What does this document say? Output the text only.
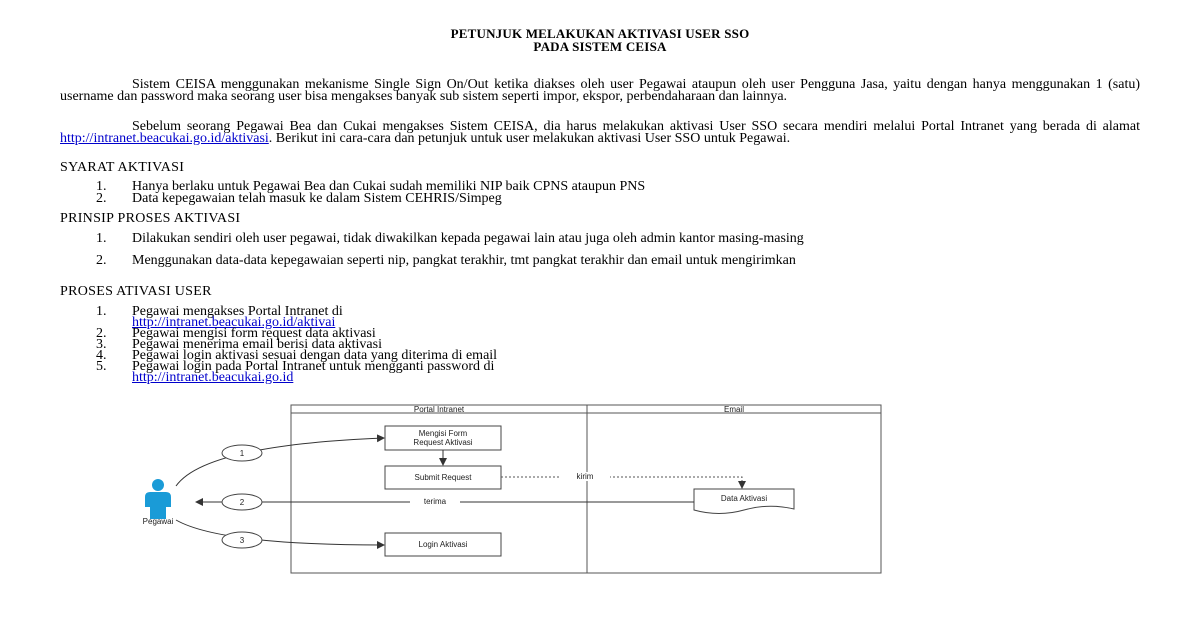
PETUNJUK MELAKUKAN AKTIVASI USER SSO
PADA SISTEM CEISA
Sistem CEISA menggunakan mekanisme Single Sign On/Out ketika diakses oleh user Pegawai ataupun oleh user Pengguna Jasa, yaitu dengan hanya menggunakan 1 (satu) username dan password maka seorang user bisa mengakses banyak sub sistem seperti impor, ekspor, perbendaharaan dan lainnya.
Sebelum seorang Pegawai Bea dan Cukai mengakses Sistem CEISA, dia harus melakukan aktivasi User SSO secara mendiri melalui Portal Intranet yang berada di alamat http://intranet.beacukai.go.id/aktivasi. Berikut ini cara-cara dan petunjuk untuk user melakukan aktivasi User SSO untuk Pegawai.
SYARAT AKTIVASI
1.	Hanya berlaku untuk Pegawai Bea dan Cukai sudah memiliki NIP baik CPNS ataupun PNS
2.	Data kepegawaian telah masuk ke dalam Sistem CEHRIS/Simpeg
PRINSIP PROSES AKTIVASI
1.	Dilakukan sendiri oleh user pegawai, tidak diwakilkan kepada pegawai lain atau juga oleh admin kantor masing-masing
2.	Menggunakan data-data kepegawaian seperti nip, pangkat terakhir, tmt pangkat terakhir dan email untuk mengirimkan
PROSES ATIVASI USER
1.	Pegawai mengakses Portal Intranet di
http://intranet.beacukai.go.id/aktivai
2.	Pegawai mengisi form request data aktivasi
3.	Pegawai menerima email berisi data aktivasi
4.	Pegawai login aktivasi sesuai dengan data yang diterima di email
5.	Pegawai login pada Portal Intranet untuk mengganti password di
http://intranet.beacukai.go.id
Portal Intranet	Email
Mengisi Form Request Aktivasi
Submit Request
Login Aktivasi
Data Aktivasi
kirim
terima
Pegawai
1
2
3
